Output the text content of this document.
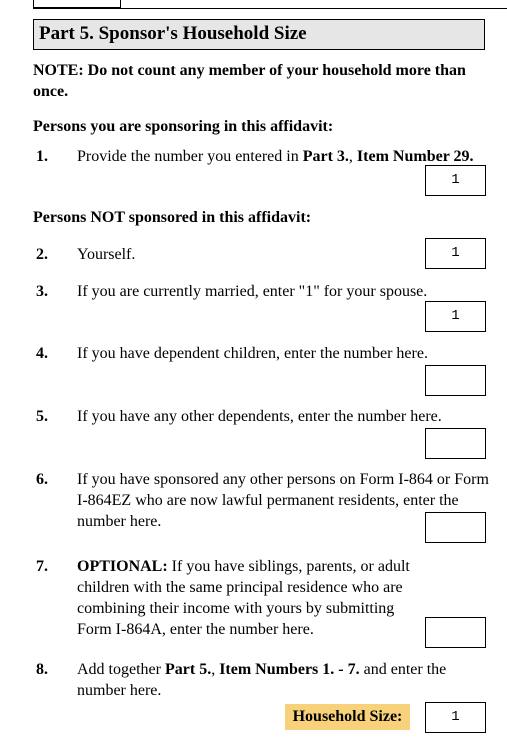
Part 5. Sponsor's Household Size
NOTE: Do not count any member of your household more than once.
Persons you are sponsoring in this affidavit:
1. Provide the number you entered in Part 3., Item Number 29.
1
Persons NOT sponsored in this affidavit:
2. Yourself.	1
3. If you are currently married, enter "1" for your spouse.
1
4. If you have dependent children, enter the number here.
5. If you have any other dependents, enter the number here.
6. If you have sponsored any other persons on Form I-864 or Form I-864EZ who are now lawful permanent residents, enter the number here.
7. OPTIONAL: If you have siblings, parents, or adult children with the same principal residence who are combining their income with yours by submitting Form I-864A, enter the number here.
8. Add together Part 5., Item Numbers 1. - 7. and enter the number here.
Household Size:	1
